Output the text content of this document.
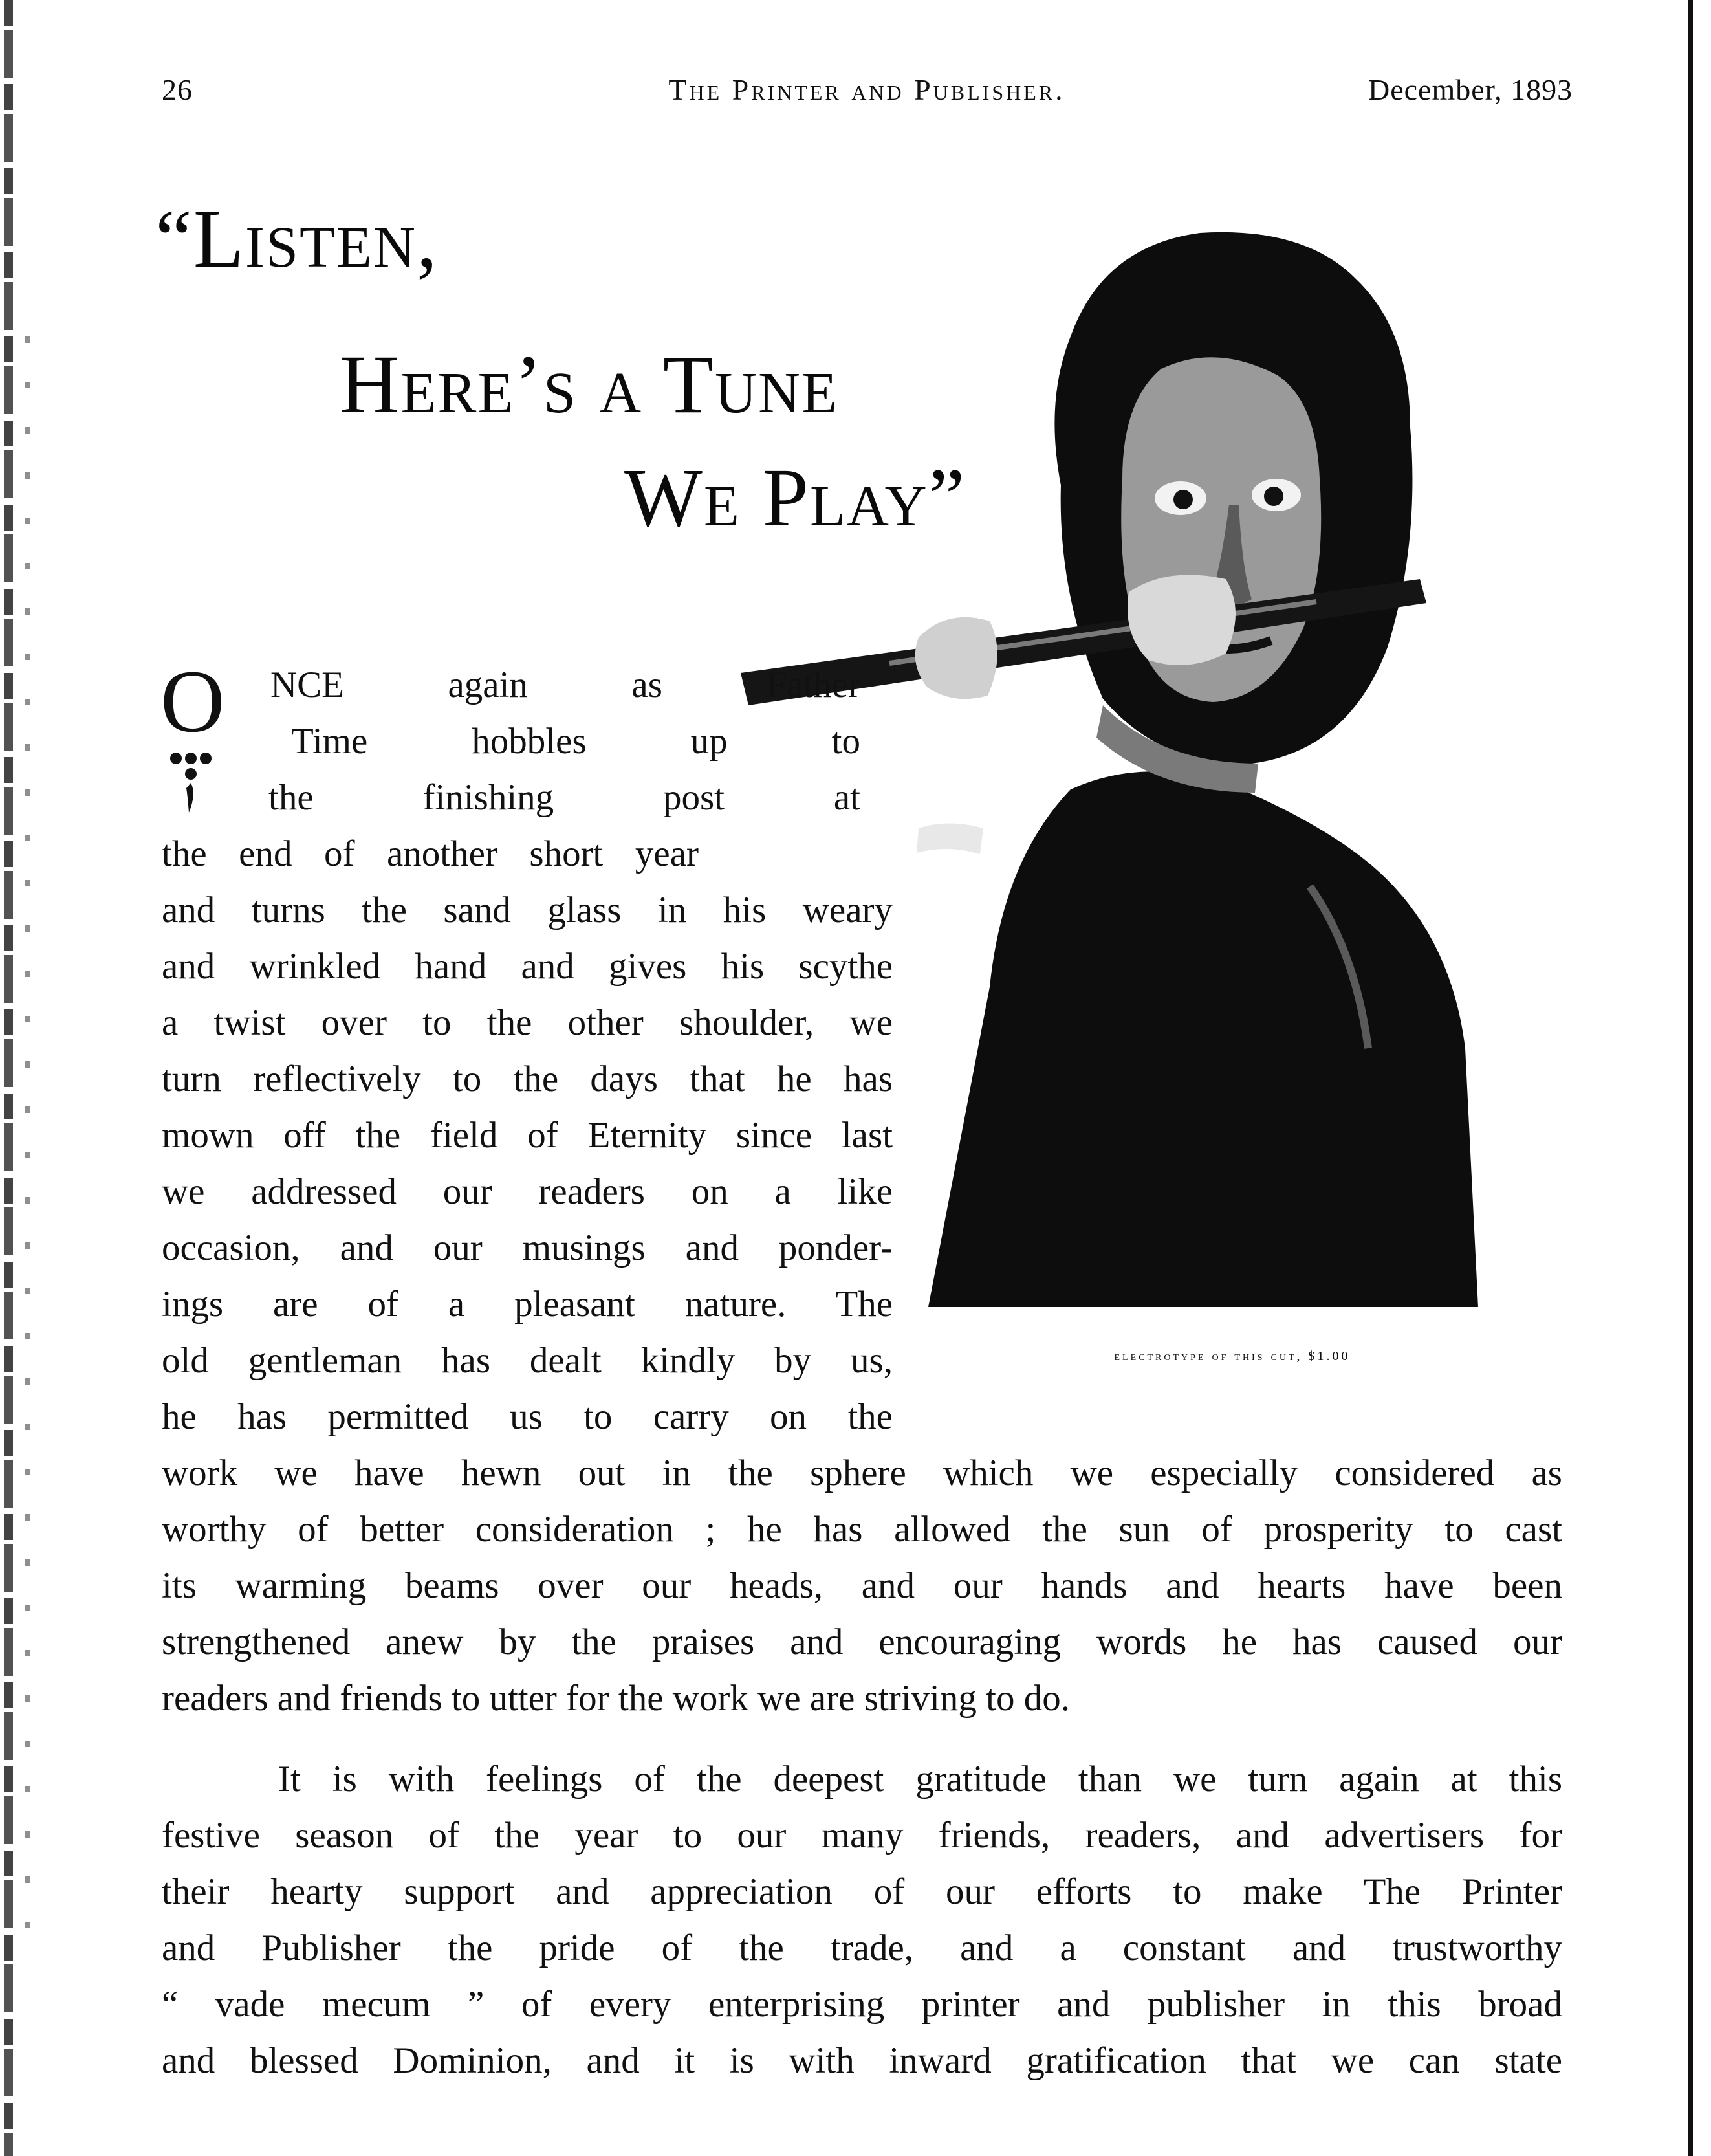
26	The Printer and Publisher.	December, 1893
“Listen,
Here’s a Tune
We Play”
electrotype of this cut, $1.00
O NCE again as Father
Time hobbles up to
the finishing post at
the end of another short year
and turns the sand glass in his weary
and wrinkled hand and gives his scythe
a twist over to the other shoulder, we
turn reflectively to the days that he has
mown off the field of Eternity since last
we addressed our readers on a like
occasion, and our musings and ponder-
ings are of a pleasant nature. The
old gentleman has dealt kindly by us,
he has permitted us to carry on the
work we have hewn out in the sphere which we especially considered as
worthy of better consideration ; he has allowed the sun of prosperity to cast
its warming beams over our heads, and our hands and hearts have been
strengthened anew by the praises and encouraging words he has caused our
readers and friends to utter for the work we are striving to do.
It is with feelings of the deepest gratitude than we turn again at this
festive season of the year to our many friends, readers, and advertisers for
their hearty support and appreciation of our efforts to make The Printer
and Publisher the pride of the trade, and a constant and trustworthy
“ vade mecum ” of every enterprising printer and publisher in this broad
and blessed Dominion, and it is with inward gratification that we can state
